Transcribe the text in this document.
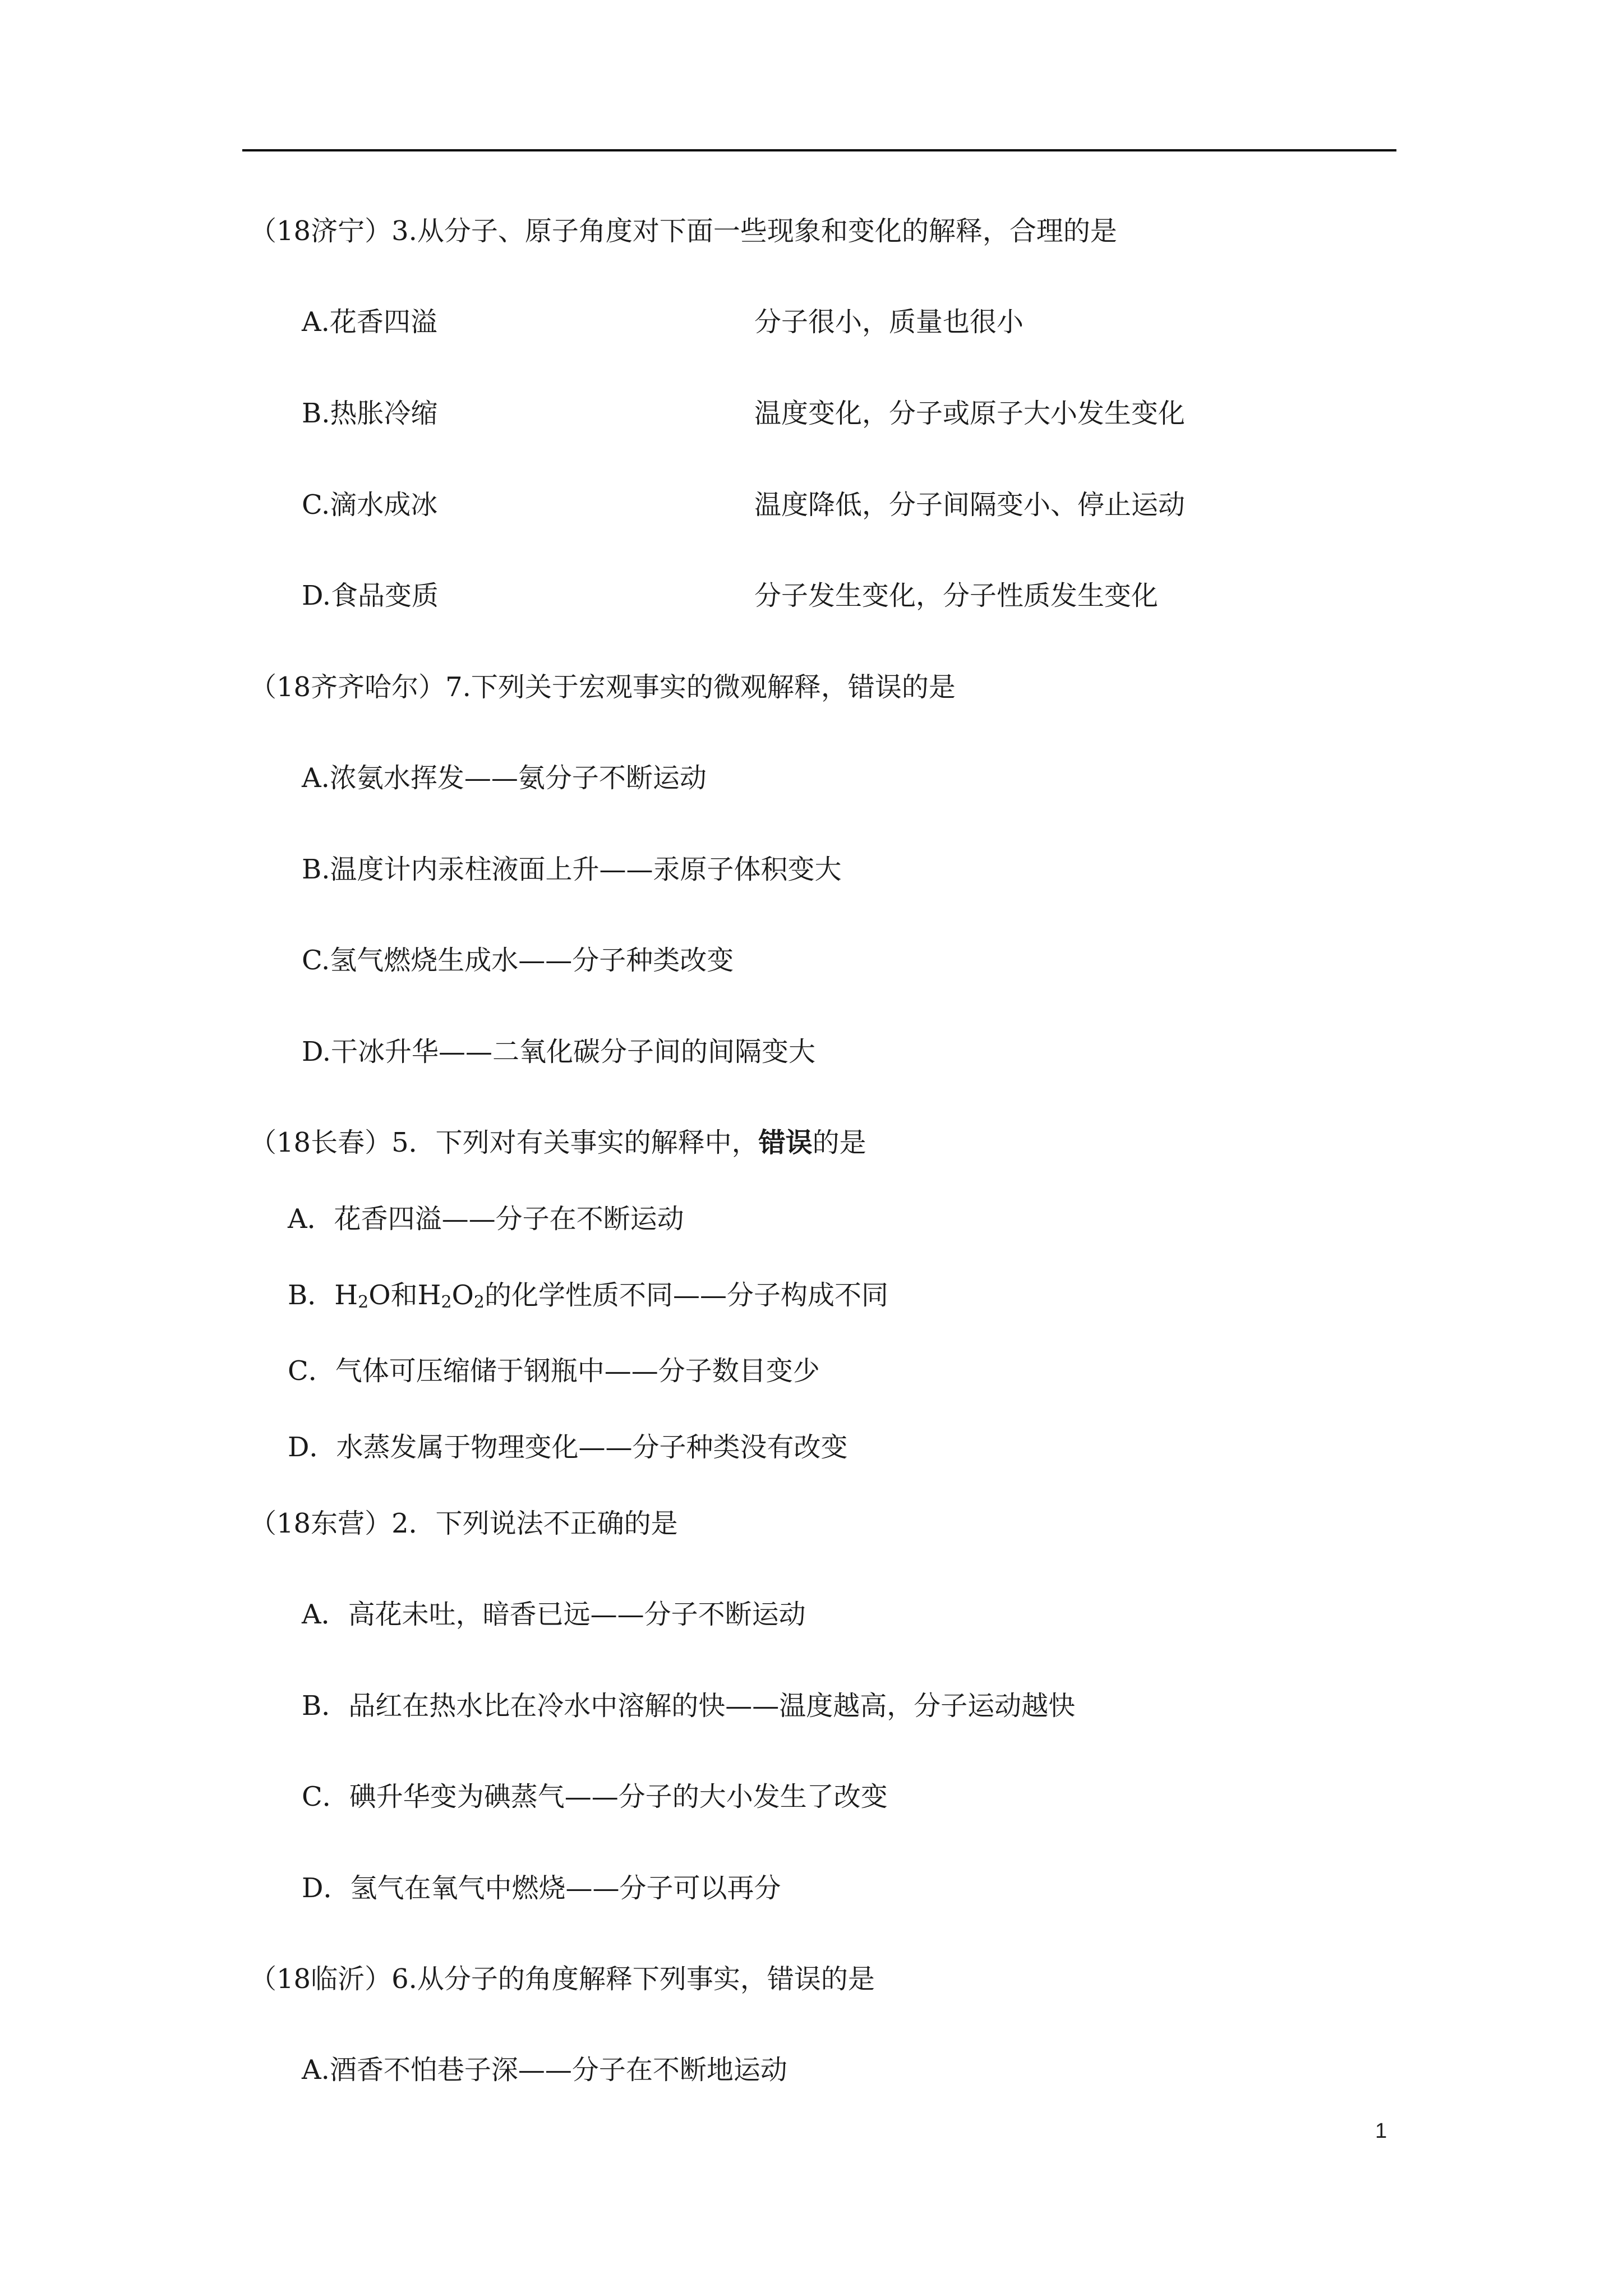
（18济宁）3.从分子、原子角度对下面一些现象和变化的解释，合理的是
A.花香四溢	分子很小，质量也很小
B.热胀冷缩	温度变化，分子或原子大小发生变化
C.滴水成冰	温度降低，分子间隔变小、停止运动
D.食品变质	分子发生变化，分子性质发生变化
（18齐齐哈尔）7.下列关于宏观事实的微观解释，错误的是
A.浓氨水挥发——氨分子不断运动
B.温度计内汞柱液面上升——汞原子体积变大
C.氢气燃烧生成水——分子种类改变
D.干冰升华——二氧化碳分子间的间隔变大
（18长春）5．下列对有关事实的解释中，错误的是
A．花香四溢——分子在不断运动
B．$H_2O$和$H_2O_2$的化学性质不同——分子构成不同
C．气体可压缩储于钢瓶中——分子数目变少
D．水蒸发属于物理变化——分子种类没有改变
（18东营）2．下列说法不正确的是
A．高花未吐，暗香已远——分子不断运动
B．品红在热水比在冷水中溶解的快——温度越高，分子运动越快
C．碘升华变为碘蒸气——分子的大小发生了改变
D．氢气在氧气中燃烧——分子可以再分
（18临沂）6.从分子的角度解释下列事实，错误的是
A.酒香不怕巷子深——分子在不断地运动
1
